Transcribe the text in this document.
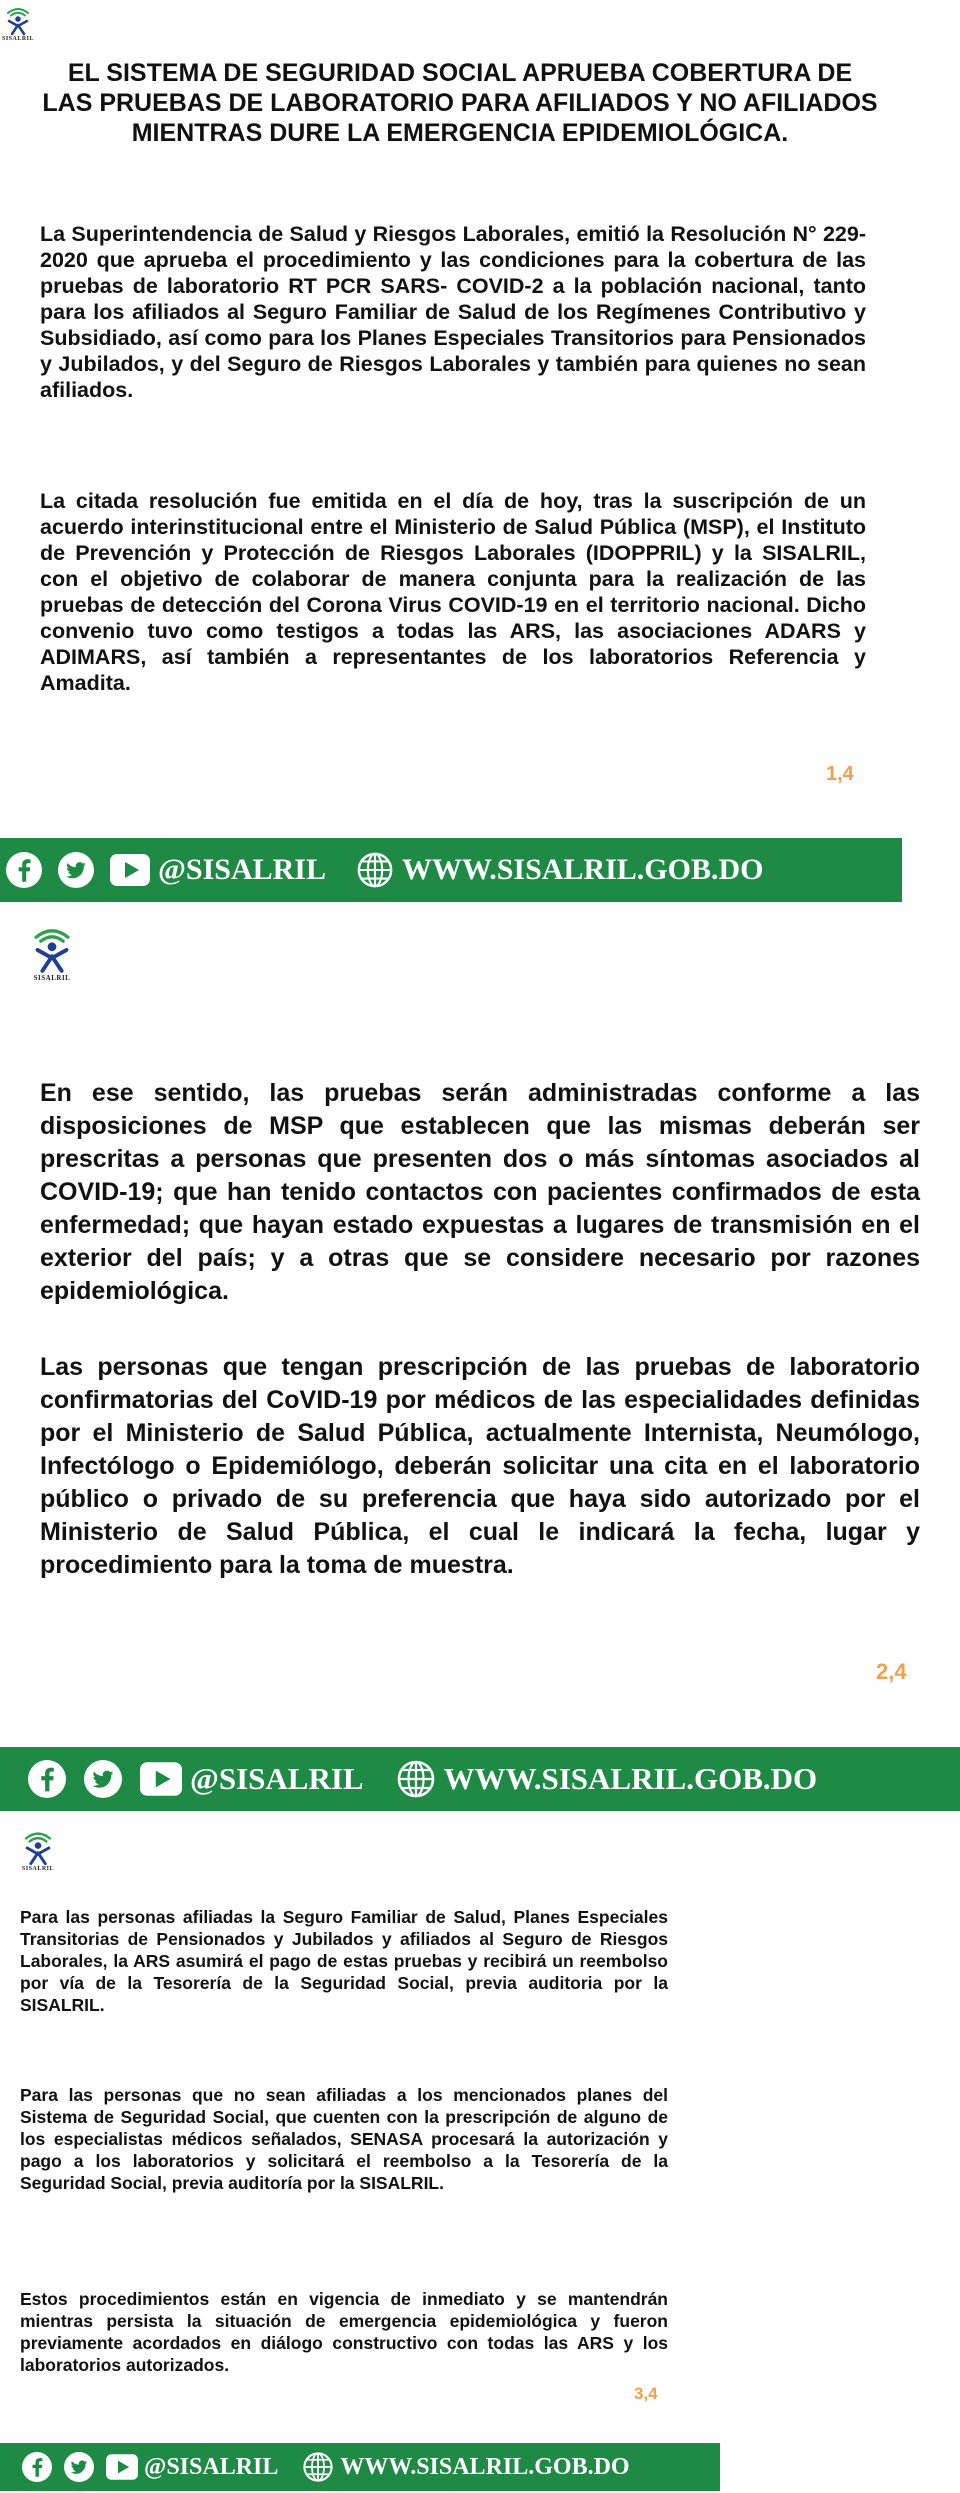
SISALRIL
EL SISTEMA DE SEGURIDAD SOCIAL APRUEBA COBERTURA DE LAS PRUEBAS DE LABORATORIO PARA AFILIADOS Y NO AFILIADOS MIENTRAS DURE LA EMERGENCIA EPIDEMIOLÓGICA.

La Superintendencia de Salud y Riesgos Laborales, emitió la Resolución N° 229-2020 que aprueba el procedimiento y las condiciones para la cobertura de las pruebas de laboratorio RT PCR SARS- COVID-2 a la población nacional, tanto para los afiliados al Seguro Familiar de Salud de los Regímenes Contributivo y Subsidiado, así como para los Planes Especiales Transitorios para Pensionados y Jubilados, y del Seguro de Riesgos Laborales y también para quienes no sean afiliados.

La citada resolución fue emitida en el día de hoy, tras la suscripción de un acuerdo interinstitucional entre el Ministerio de Salud Pública (MSP), el Instituto de Prevención y Protección de Riesgos Laborales (IDOPPRIL) y la SISALRIL, con el objetivo de colaborar de manera conjunta para la realización de las pruebas de detección del Corona Virus COVID-19 en el territorio nacional. Dicho convenio tuvo como testigos a todas las ARS, las asociaciones ADARS y ADIMARS, así también a representantes de los laboratorios Referencia y Amadita.

1,4
@SISALRIL	WWW.SISALRIL.GOB.DO
SISALRIL

En ese sentido, las pruebas serán administradas conforme a las disposiciones de MSP que establecen que las mismas deberán ser prescritas a personas que presenten dos o más síntomas asociados al COVID-19; que han tenido contactos con pacientes confirmados de esta enfermedad; que hayan estado expuestas a lugares de transmisión en el exterior del país; y a otras que se considere necesario por razones epidemiológica.

Las personas que tengan prescripción de las pruebas de laboratorio confirmatorias del CoVID-19 por médicos de las especialidades definidas por el Ministerio de Salud Pública, actualmente Internista, Neumólogo, Infectólogo o Epidemiólogo, deberán solicitar una cita en el laboratorio público o privado de su preferencia que haya sido autorizado por el Ministerio de Salud Pública, el cual le indicará la fecha, lugar y procedimiento para la toma de muestra.

2,4
@SISALRIL	WWW.SISALRIL.GOB.DO
SISALRIL

Para las personas afiliadas la Seguro Familiar de Salud, Planes Especiales Transitorias de Pensionados y Jubilados y afiliados al Seguro de Riesgos Laborales, la ARS asumirá el pago de estas pruebas y recibirá un reembolso por vía de la Tesorería de la Seguridad Social, previa auditoria por la SISALRIL.

Para las personas que no sean afiliadas a los mencionados planes del Sistema de Seguridad Social, que cuenten con la prescripción de alguno de los especialistas médicos señalados, SENASA procesará la autorización y pago a los laboratorios y solicitará el reembolso a la Tesorería de la Seguridad Social, previa auditoría por la SISALRIL.

Estos procedimientos están en vigencia de inmediato y se mantendrán mientras persista la situación de emergencia epidemiológica y fueron previamente acordados en diálogo constructivo con todas las ARS y los laboratorios autorizados.

3,4
@SISALRIL	WWW.SISALRIL.GOB.DO
